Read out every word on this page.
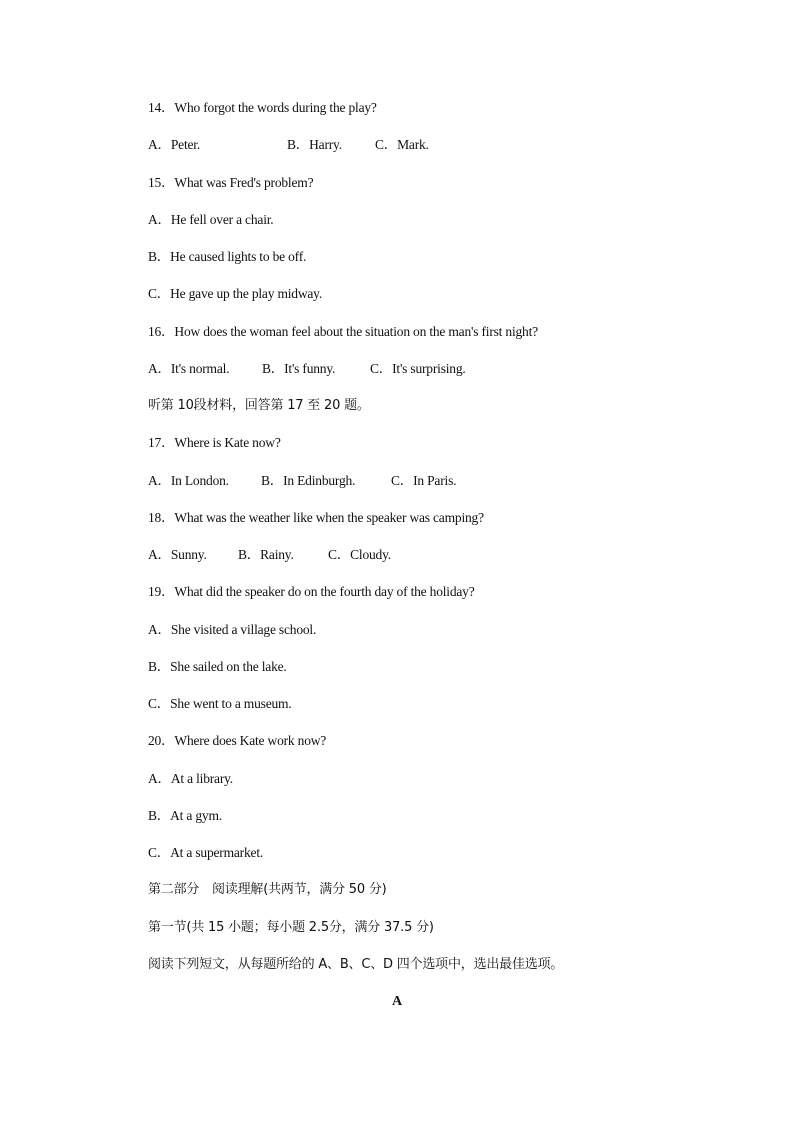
14．Who forgot the words during the play?
A．Peter.	B．Harry. C．Mark.
15．What was Fred's problem?
A．He fell over a chair.
B．He caused lights to be off.
C．He gave up the play midway.
16．How does the woman feel about the situation on the man's first night?
A．It's normal. B．It's funny.	C．It's surprising.
听第 10段材料，回答第 17 至 20 题。
17．Where is Kate now?
A．In London. B．In Edinburgh.	C．In Paris.
18．What was the weather like when the speaker was camping?
A．Sunny. B．Rainy.	C．Cloudy.
19．What did the speaker do on the fourth day of the holiday?
A．She visited a village school.
B．She sailed on the lake.
C．She went to a museum.
20．Where does Kate work now?
A．At a library.
B．At a gym.
C．At a supermarket.
第二部分　阅读理解(共两节，满分 50 分)
第一节(共 15 小题；每小题 2.5分，满分 37.5 分)
阅读下列短文，从每题所给的 A、B、C、D 四个选项中，选出最佳选项。
A
